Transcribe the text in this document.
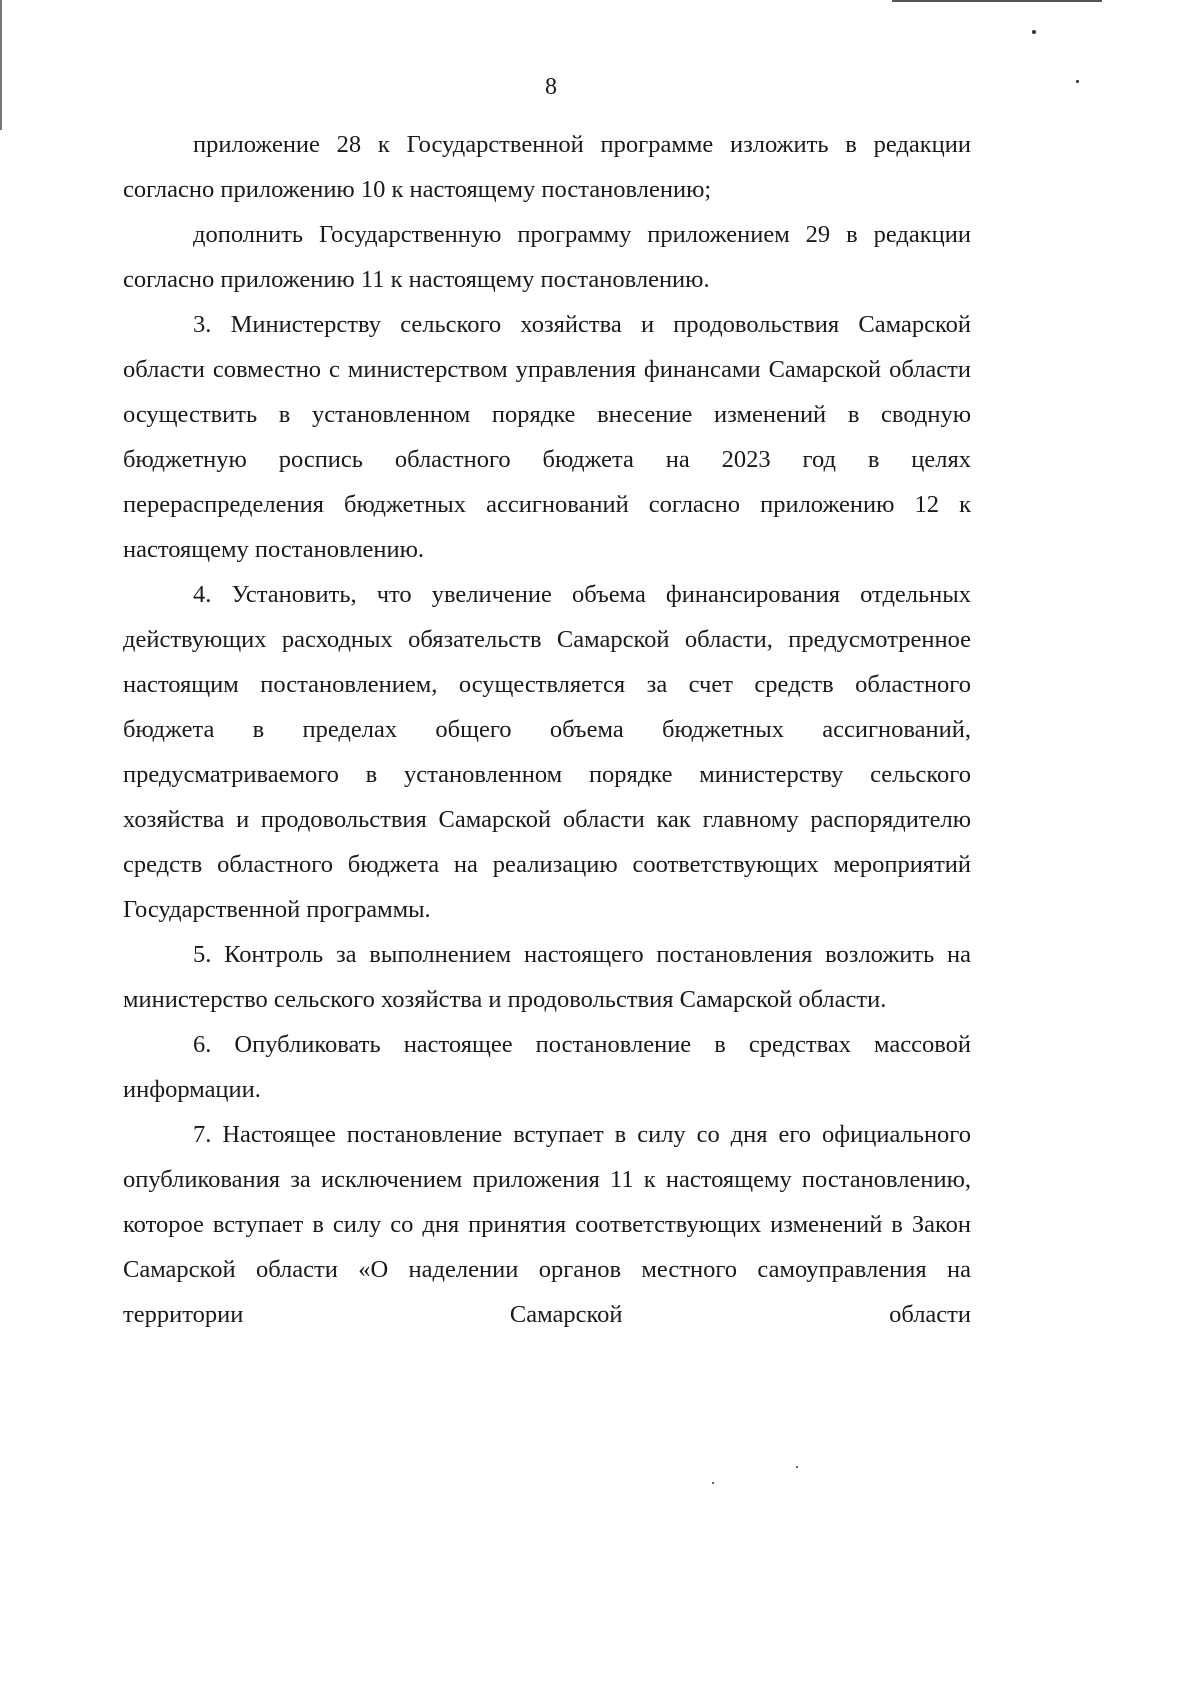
8

приложение 28 к Государственной программе изложить в редакции согласно приложению 10 к настоящему постановлению;

дополнить Государственную программу приложением 29 в редакции согласно приложению 11 к настоящему постановлению.

3. Министерству сельского хозяйства и продовольствия Самарской области совместно с министерством управления финансами Самарской области осуществить в установленном порядке внесение изменений в сводную бюджетную роспись областного бюджета на 2023 год в целях перераспределения бюджетных ассигнований согласно приложению 12 к настоящему постановлению.

4. Установить, что увеличение объема финансирования отдельных действующих расходных обязательств Самарской области, предусмотренное настоящим постановлением, осуществляется за счет средств областного бюджета в пределах общего объема бюджетных ассигнований, предусматриваемого в установленном порядке министерству сельского хозяйства и продовольствия Самарской области как главному распорядителю средств областного бюджета на реализацию соответствующих мероприятий Государственной программы.

5. Контроль за выполнением настоящего постановления возложить на министерство сельского хозяйства и продовольствия Самарской области.

6. Опубликовать настоящее постановление в средствах массовой информации.

7. Настоящее постановление вступает в силу со дня его официального опубликования за исключением приложения 11 к настоящему постановлению, которое вступает в силу со дня принятия соответствующих изменений в Закон Самарской области «О наделении органов местного самоуправления на территории Самарской области
